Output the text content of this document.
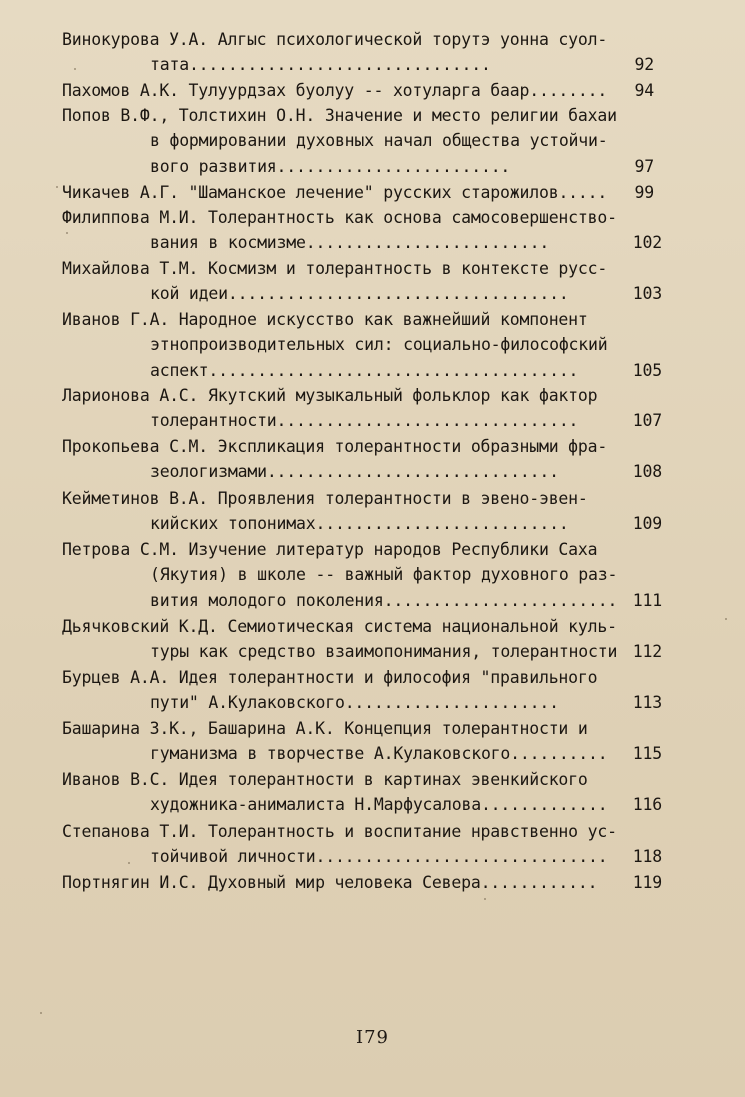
Винокурова У.А. Алгыс психологической торутэ уонна суол-
тата...............................	92
Пахомов А.К. Тулуурдзах буолуу -- хотуларга баар........	94
Попов В.Ф., Толстихин О.Н. Значение и место религии бахаи
в формировании духовных начал общества устойчи-
вого развития........................	97
Чикачев А.Г. "Шаманское лечение" русских старожилов.....	99
Филиппова М.И. Толерантность как основа самосовершенство-
вания в космизме.........................	102
Михайлова Т.М. Космизм и толерантность в контексте русс-
кой идеи...................................	103
Иванов Г.А. Народное искусство как важнейший компонент
этнопроизводительных сил: социально-философский
аспект......................................	105
Ларионова А.С. Якутский музыкальный фольклор как фактор
толерантности...............................	107
Прокопьева С.М. Экспликация толерантности образными фра-
зеологизмами..............................	108
Кейметинов В.А. Проявления толерантности в эвено-эвен-
кийских топонимах..........................	109
Петрова С.М. Изучение литератур народов Республики Саха
(Якутия) в школе -- важный фактор духовного раз-
вития молодого поколения........................ 111
Дьячковский К.Д. Семиотическая система национальной куль-
туры как средство взаимопонимания, толерантности 112
Бурцев А.А. Идея толерантности и философия "правильного
пути" А.Кулаковского......................	113
Башарина З.К., Башарина А.К. Концепция толерантности и
гуманизма в творчестве А.Кулаковского.......... 115
Иванов В.С. Идея толерантности в картинах эвенкийского
художника-анималиста Н.Марфусалова............. 116
Степанова Т.И. Толерантность и воспитание нравственно ус-
тойчивой личности.............................. 118
Портнягин И.С. Духовный мир человека Севера............	119
I79
